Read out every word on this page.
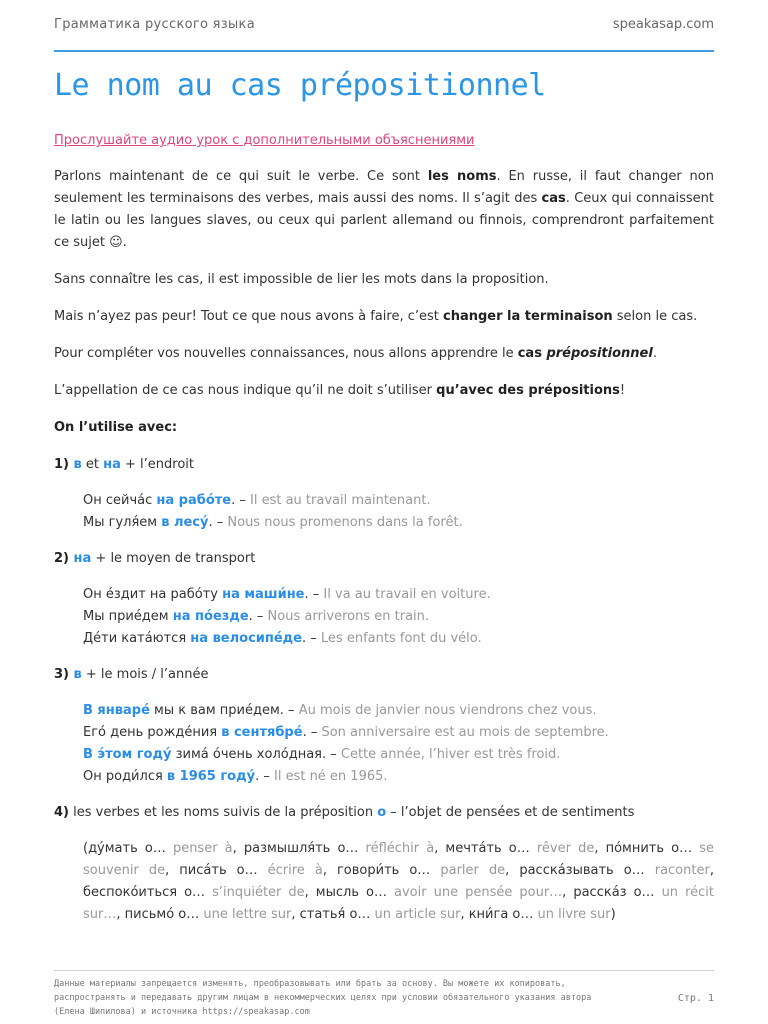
Грамматика русского языка	speakasap.com
Le nom au cas prépositionnel

Прослушайте аудио урок с дополнительными объяснениями

Parlons maintenant de ce qui suit le verbe. Ce sont les noms. En russe, il faut changer non seulement les terminaisons des verbes, mais aussi des noms. Il s’agit des cas. Ceux qui connaissent le latin ou les langues slaves, ou ceux qui parlent allemand ou finnois, comprendront parfaitement ce sujet ☺.

Sans connaître les cas, il est impossible de lier les mots dans la proposition.

Mais n’ayez pas peur! Tout ce que nous avons à faire, c’est changer la terminaison selon le cas.

Pour compléter vos nouvelles connaissances, nous allons apprendre le cas prépositionnel.

L’appellation de ce cas nous indique qu’il ne doit s’utiliser qu’avec des prépositions!

On l’utilise avec:

1) в et на + l’endroit

Он сейча́с на рабо́те. – Il est au travail maintenant.

Мы гуля́ем в лесу́. – Nous nous promenons dans la forêt.

2) на + le moyen de transport

Он е́здит на рабо́ту на маши́не. – Il va au travail en voiture.

Мы прие́дем на по́езде. – Nous arriverons en train.

Де́ти ката́ются на велосипе́де. – Les enfants font du vélo.

3) в + le mois / l’année

В январе́ мы к вам прие́дем. – Au mois de janvier nous viendrons chez vous.

Его́ день рожде́ния в сентябре́. – Son anniversaire est au mois de septembre.

В э́том году́ зима́ о́чень холо́дная. – Cette année, l’hiver est très froid.

Он роди́лся в 1965 году́. – Il est né en 1965.

4) les verbes et les noms suivis de la préposition о – l’objet de pensées et de sentiments

(ду́мать о… penser à, размышля́ть о… réfléchir à, мечта́ть о… rêver de, по́мнить о… se souvenir de, писа́ть о… écrire à, говори́ть о… parler de, расска́зывать о… raconter, беспоко́иться о… s’inquiéter de, мысль о… avoir une pensée pour…, расска́з о… un récit sur…, письмо́ о… une lettre sur, статья́ о… un article sur, кни́га о… un livre sur)

Данные материалы запрещается изменять, преобразовывать или брать за основу. Вы можете их копировать, распространять и передавать другим лицам в некоммерческих целях при условии обязательного указания автора (Елена Шипилова) и источника https://speakasap.com
Стр. 1
